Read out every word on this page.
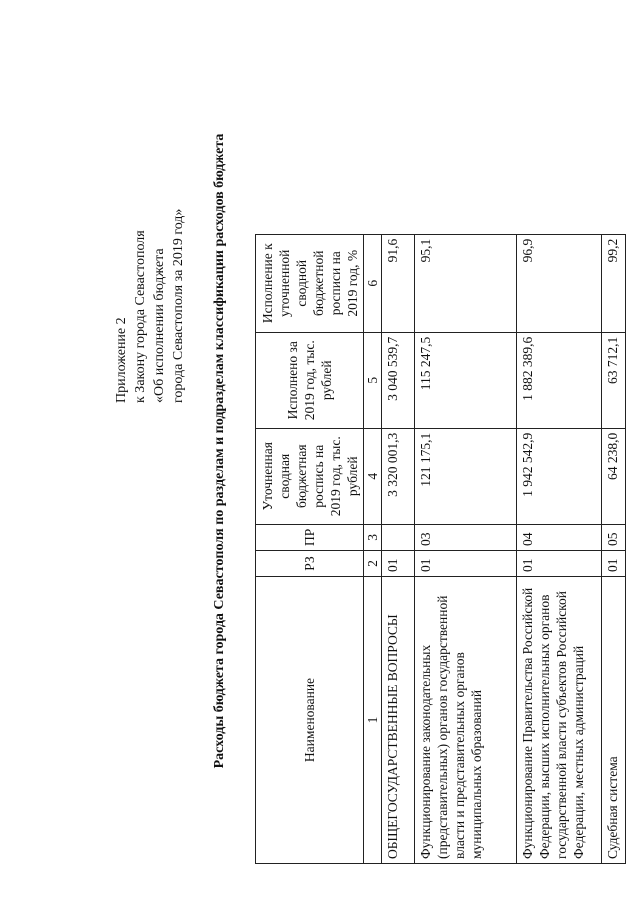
Приложение 2 к Закону города Севастополя «Об исполнении бюджета города Севастополя за 2019 год» Расходы бюджета города Севастополя по разделам и подразделам классификации расходов бюджета	Наименование	РЗ	ПР	Уточненная сводная бюджетная роспись на 2019 год, тыс. рублей	Исполнено за 2019 год, тыс. рублей	Исполнение к уточненной сводной бюджетной росписи на 2019 год, %
1	2	3	4	5	6
ОБЩЕГОСУДАРСТВЕННЫЕ ВОПРОСЫ	01		3 320 001,3	3 040 539,7	91,6
Функционирование законодательных (представительных) органов государственной власти и представительных органов муниципальных образований	01	03	121 175,1	115 247,5	95,1
Функционирование Правительства Российской Федерации, высших исполнительных органов государственной власти субъектов Российской Федерации, местных администраций	01	04	1 942 542,9	1 882 389,6	96,9
Судебная система	01	05	64 238,0	63 712,1	99,2
